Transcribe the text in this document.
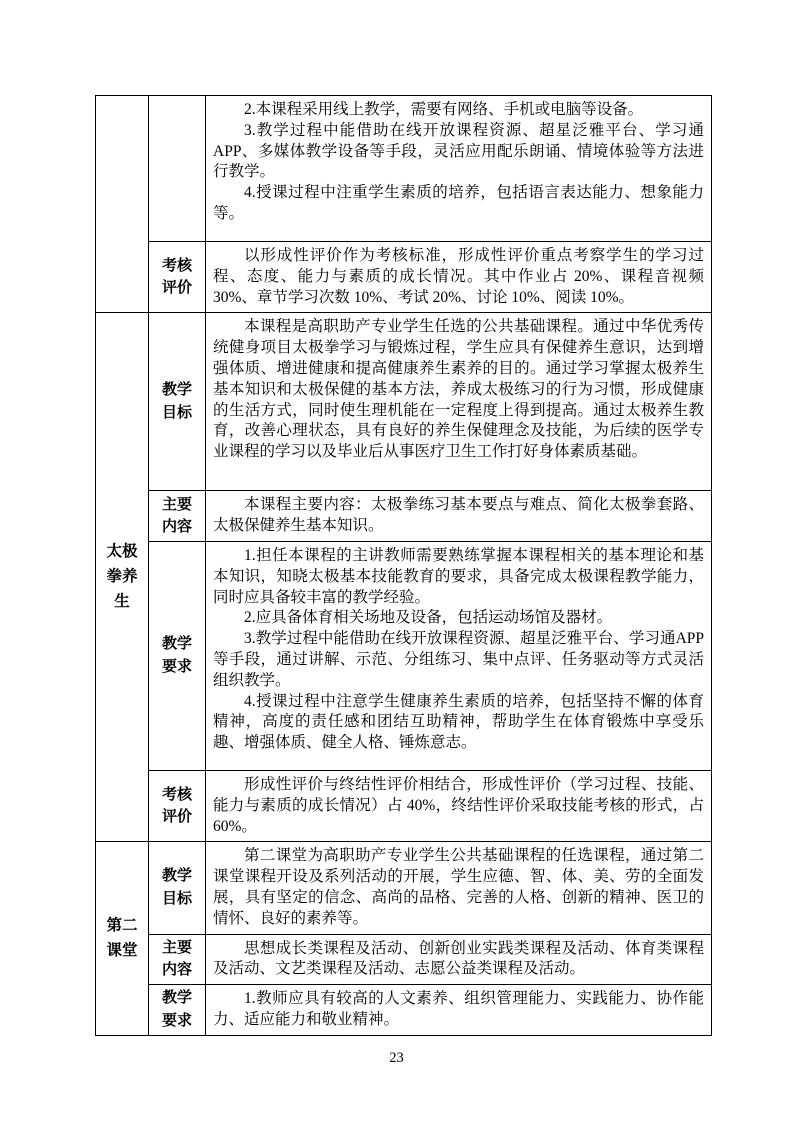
		2.本课程采用线上教学，需要有网络、手机或电脑等设备。

3.教学过程中能借助在线开放课程资源、超星泛雅平台、学习通APP、多媒体教学设备等手段，灵活应用配乐朗诵、情境体验等方法进行教学。

4.授课过程中注重学生素质的培养，包括语言表达能力、想象能力等。

	考核评价	以形成性评价作为考核标准，形成性评价重点考察学生的学习过程、态度、能力与素质的成长情况。其中作业占 20%、课程音视频 30%、章节学习次数 10%、考试 20%、讨论 10%、阅读 10%。

太极拳养生	教学目标	本课程是高职助产专业学生任选的公共基础课程。通过中华优秀传统健身项目太极拳学习与锻炼过程，学生应具有保健养生意识，达到增强体质、增进健康和提高健康养生素养的目的。通过学习掌握太极养生基本知识和太极保健的基本方法，养成太极练习的行为习惯，形成健康的生活方式，同时使生理机能在一定程度上得到提高。通过太极养生教育，改善心理状态，具有良好的养生保健理念及技能，为后续的医学专业课程的学习以及毕业后从事医疗卫生工作打好身体素质基础。

	主要内容	本课程主要内容：太极拳练习基本要点与难点、简化太极拳套路、太极保健养生基本知识。

	教学要求	1.担任本课程的主讲教师需要熟练掌握本课程相关的基本理论和基本知识，知晓太极基本技能教育的要求，具备完成太极课程教学能力，同时应具备较丰富的教学经验。

2.应具备体育相关场地及设备，包括运动场馆及器材。

3.教学过程中能借助在线开放课程资源、超星泛雅平台、学习通APP 等手段，通过讲解、示范、分组练习、集中点评、任务驱动等方式灵活组织教学。

4.授课过程中注意学生健康养生素质的培养，包括坚持不懈的体育精神，高度的责任感和团结互助精神，帮助学生在体育锻炼中享受乐趣、增强体质、健全人格、锤炼意志。

	考核评价	形成性评价与终结性评价相结合，形成性评价（学习过程、技能、能力与素质的成长情况）占 40%，终结性评价采取技能考核的形式，占 60%。

第二课堂	教学目标	第二课堂为高职助产专业学生公共基础课程的任选课程，通过第二课堂课程开设及系列活动的开展，学生应德、智、体、美、劳的全面发展，具有坚定的信念、高尚的品格、完善的人格、创新的精神、医卫的情怀、良好的素养等。

	主要内容	思想成长类课程及活动、创新创业实践类课程及活动、体育类课程及活动、文艺类课程及活动、志愿公益类课程及活动。

	教学要求	1.教师应具有较高的人文素养、组织管理能力、实践能力、协作能力、适应能力和敬业精神。

23
